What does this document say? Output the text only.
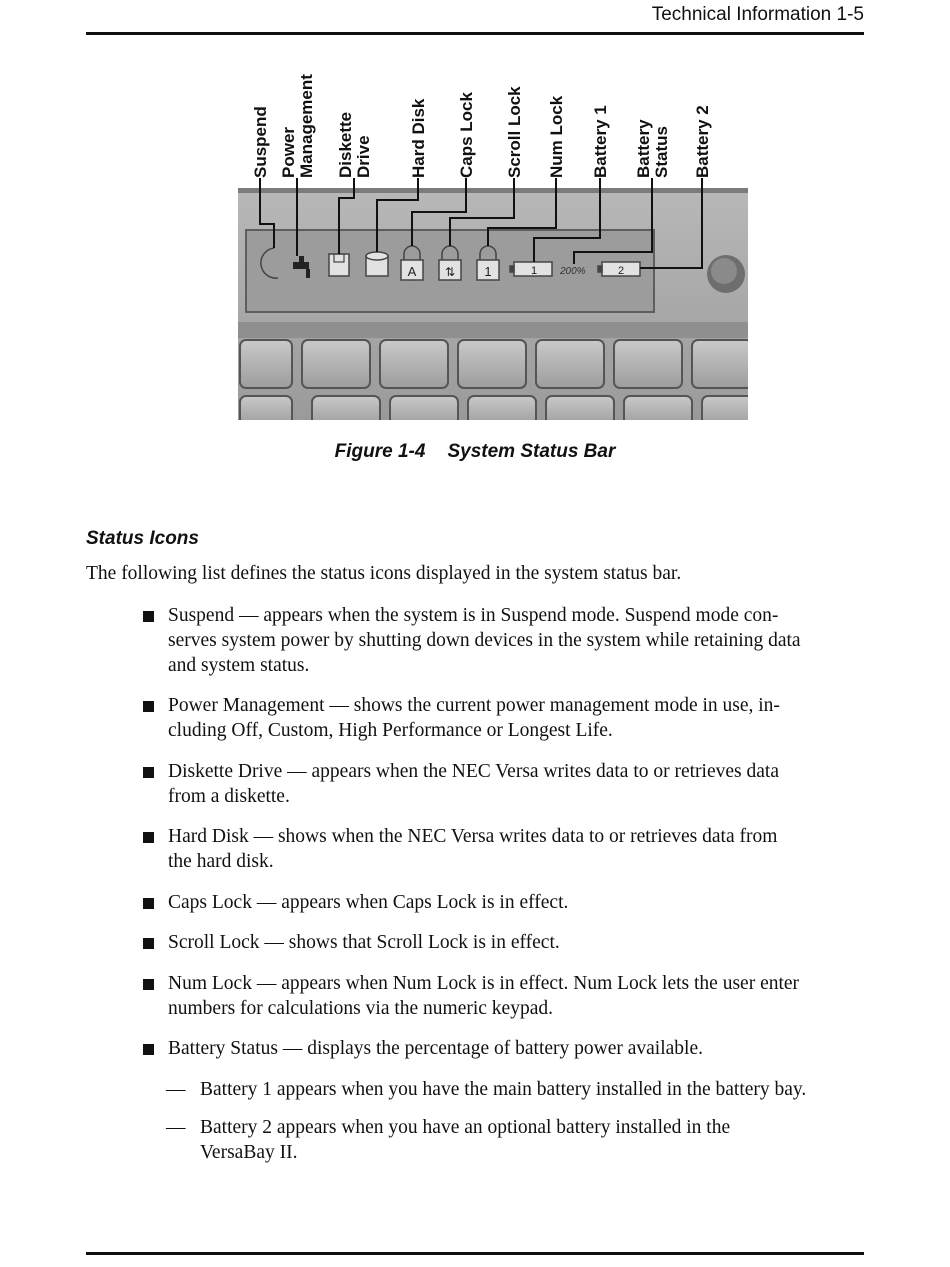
Technical Information 1-5
A ⇅ 1	1 200%	2
Suspend Power Management Diskette Drive Hard Disk Caps Lock Scroll Lock Num Lock Battery 1 Battery Status Battery 2
Figure 1-4 System Status Bar
Status Icons
The following list defines the status icons displayed in the system status bar.
Suspend — appears when the system is in Suspend mode. Suspend mode con-
serves system power by shutting down devices in the system while retaining data
and system status.
Power Management — shows the current power management mode in use, in-
cluding Off, Custom, High Performance or Longest Life.
Diskette Drive — appears when the NEC Versa writes data to or retrieves data
from a diskette.
Hard Disk — shows when the NEC Versa writes data to or retrieves data from
the hard disk.
Caps Lock — appears when Caps Lock is in effect.
Scroll Lock — shows that Scroll Lock is in effect.
Num Lock — appears when Num Lock is in effect. Num Lock lets the user enter
numbers for calculations via the numeric keypad.
Battery Status — displays the percentage of battery power available.
— Battery 1 appears when you have the main battery installed in the battery bay.
— Battery 2 appears when you have an optional battery installed in the
VersaBay II.
